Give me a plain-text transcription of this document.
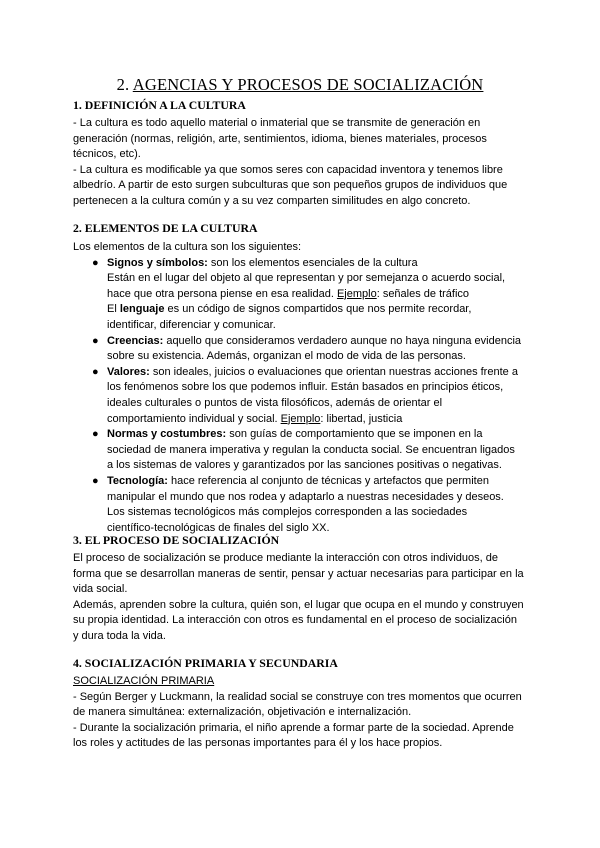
2. AGENCIAS Y PROCESOS DE SOCIALIZACIÓN
1. DEFINICIÓN A LA CULTURA
- La cultura es todo aquello material o inmaterial que se transmite de generación en
generación (normas, religión, arte, sentimientos, idioma, bienes materiales, procesos
técnicos, etc).
- La cultura es modificable ya que somos seres con capacidad inventora y tenemos libre
albedrío. A partir de esto surgen subculturas que son pequeños grupos de individuos que
pertenecen a la cultura común y a su vez comparten similitudes en algo concreto.
2. ELEMENTOS DE LA CULTURA
Los elementos de la cultura son los siguientes:
● Signos y símbolos: son los elementos esenciales de la cultura
Están en el lugar del objeto al que representan y por semejanza o acuerdo social,
hace que otra persona piense en esa realidad. Ejemplo: señales de tráfico
El lenguaje es un código de signos compartidos que nos permite recordar,
identificar, diferenciar y comunicar.
● Creencias: aquello que consideramos verdadero aunque no haya ninguna evidencia
sobre su existencia. Además, organizan el modo de vida de las personas.
● Valores: son ideales, juicios o evaluaciones que orientan nuestras acciones frente a
los fenómenos sobre los que podemos influir. Están basados en principios éticos,
ideales culturales o puntos de vista filosóficos, además de orientar el
comportamiento individual y social. Ejemplo: libertad, justicia
● Normas y costumbres: son guías de comportamiento que se imponen en la
sociedad de manera imperativa y regulan la conducta social. Se encuentran ligados
a los sistemas de valores y garantizados por las sanciones positivas o negativas.
● Tecnología: hace referencia al conjunto de técnicas y artefactos que permiten
manipular el mundo que nos rodea y adaptarlo a nuestras necesidades y deseos.
Los sistemas tecnológicos más complejos corresponden a las sociedades
científico-tecnológicas de finales del siglo XX.
3. EL PROCESO DE SOCIALIZACIÓN
El proceso de socialización se produce mediante la interacción con otros individuos, de
forma que se desarrollan maneras de sentir, pensar y actuar necesarias para participar en la
vida social.
Además, aprenden sobre la cultura, quién son, el lugar que ocupa en el mundo y construyen
su propia identidad. La interacción con otros es fundamental en el proceso de socialización
y dura toda la vida.
4. SOCIALIZACIÓN PRIMARIA Y SECUNDARIA
SOCIALIZACIÓN PRIMARIA
- Según Berger y Luckmann, la realidad social se construye con tres momentos que ocurren
de manera simultánea: externalización, objetivación e internalización.
- Durante la socialización primaria, el niño aprende a formar parte de la sociedad. Aprende
los roles y actitudes de las personas importantes para él y los hace propios.
